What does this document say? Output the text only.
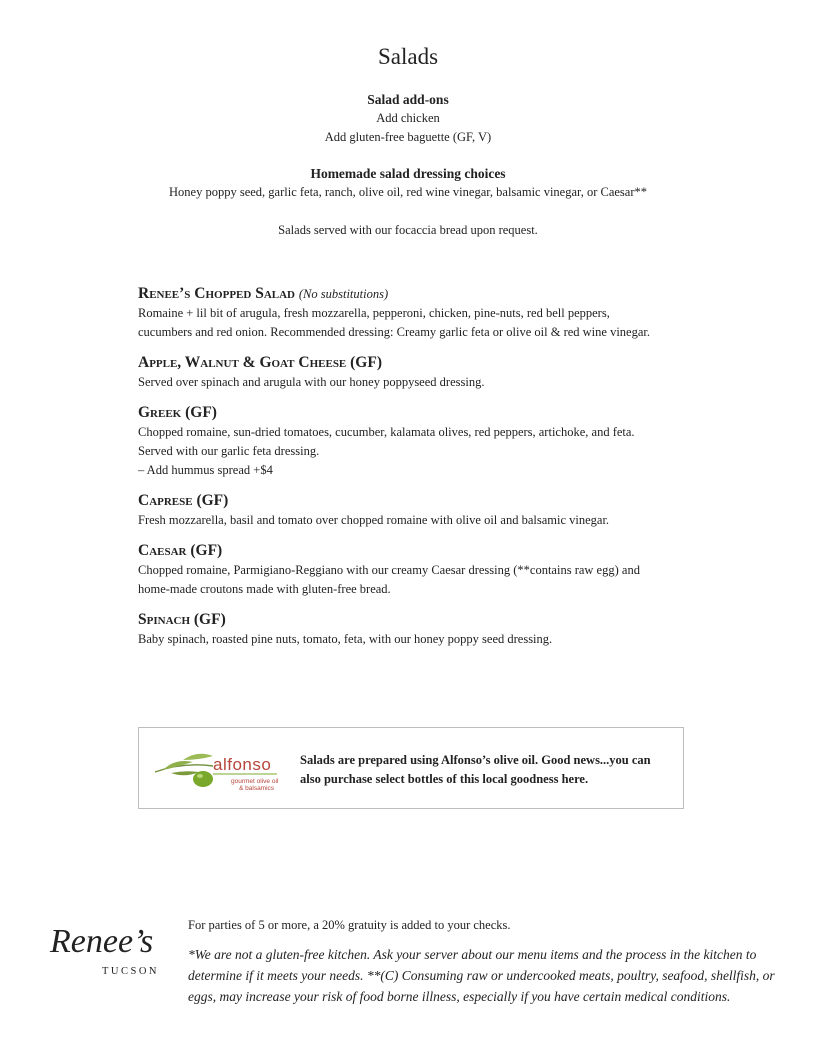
Salads
Salad add-ons
Add chicken
Add gluten-free baguette (GF, V)
Homemade salad dressing choices
Honey poppy seed, garlic feta, ranch, olive oil, red wine vinegar, balsamic vinegar, or Caesar**
Salads served with our focaccia bread upon request.
Renee’s Chopped Salad (No substitutions)
Romaine + lil bit of arugula, fresh mozzarella, pepperoni, chicken, pine-nuts, red bell peppers,
cucumbers and red onion. Recommended dressing: Creamy garlic feta or olive oil & red wine vinegar.
Apple, Walnut & Goat Cheese (GF)
Served over spinach and arugula with our honey poppyseed dressing.
Greek (GF)
Chopped romaine, sun-dried tomatoes, cucumber, kalamata olives, red peppers, artichoke, and feta.
Served with our garlic feta dressing.
– Add hummus spread +$4
Caprese (GF)
Fresh mozzarella, basil and tomato over chopped romaine with olive oil and balsamic vinegar.
Caesar (GF)
Chopped romaine, Parmigiano-Reggiano with our creamy Caesar dressing (**contains raw egg) and
home-made croutons made with gluten-free bread.
Spinach (GF)
Baby spinach, roasted pine nuts, tomato, feta, with our honey poppy seed dressing.
alfonso
gourmet olive oil
& balsamics
Salads are prepared using Alfonso’s olive oil. Good news...you can also purchase select bottles of this local goodness here.
Renee’s
TUCSON
For parties of 5 or more, a 20% gratuity is added to your checks.
*We are not a gluten-free kitchen. Ask your server about our menu items and the process in the kitchen to determine if it meets your needs. **(C) Consuming raw or undercooked meats, poultry, seafood, shellfish, or eggs, may increase your risk of food borne illness, especially if you have certain medical conditions.
